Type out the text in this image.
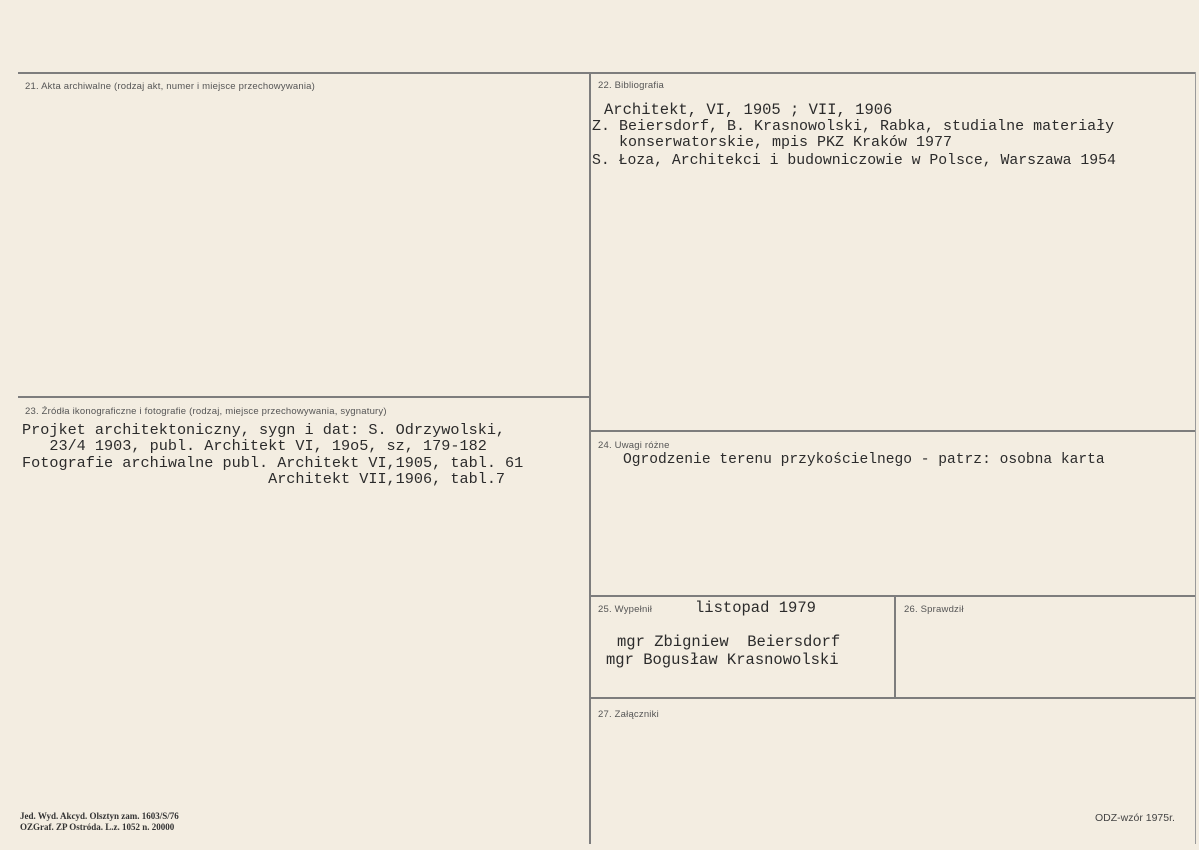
21. Akta archiwalne (rodzaj akt, numer i miejsce przechowywania)	22. Bibliografia
Architekt, VI, 1905 ; VII, 1906
Z. Beiersdorf, B. Krasnowolski, Rabka, studialne materiały
konserwatorskie, mpis PKZ Kraków 1977
S. Łoza, Architekci i budowniczowie w Polsce, Warszawa 1954
23. Źródła ikonograficzne i fotografie (rodzaj, miejsce przechowywania, sygnatury)
Projket architektoniczny, sygn i dat: S. Odrzywolski,
23/4 1903, publ. Architekt VI, 19o5, sz, 179-182
Fotografie archiwalne publ. Architekt VI,1905, tabl. 61
Architekt VII,1906, tabl.7
24. Uwagi różne
Ogrodzenie terenu przykościelnego - patrz: osobna karta
25. Wypełnił	listopad 1979
mgr Zbigniew  Beiersdorf
mgr Bogusław Krasnowolski
26. Sprawdził
27. Załączniki
Jed. Wyd. Akcyd. Olsztyn zam. 1603/S/76
OZGraf. ZP Ostróda. L.z. 1052 n. 20000
ODZ-wzór 1975r.
